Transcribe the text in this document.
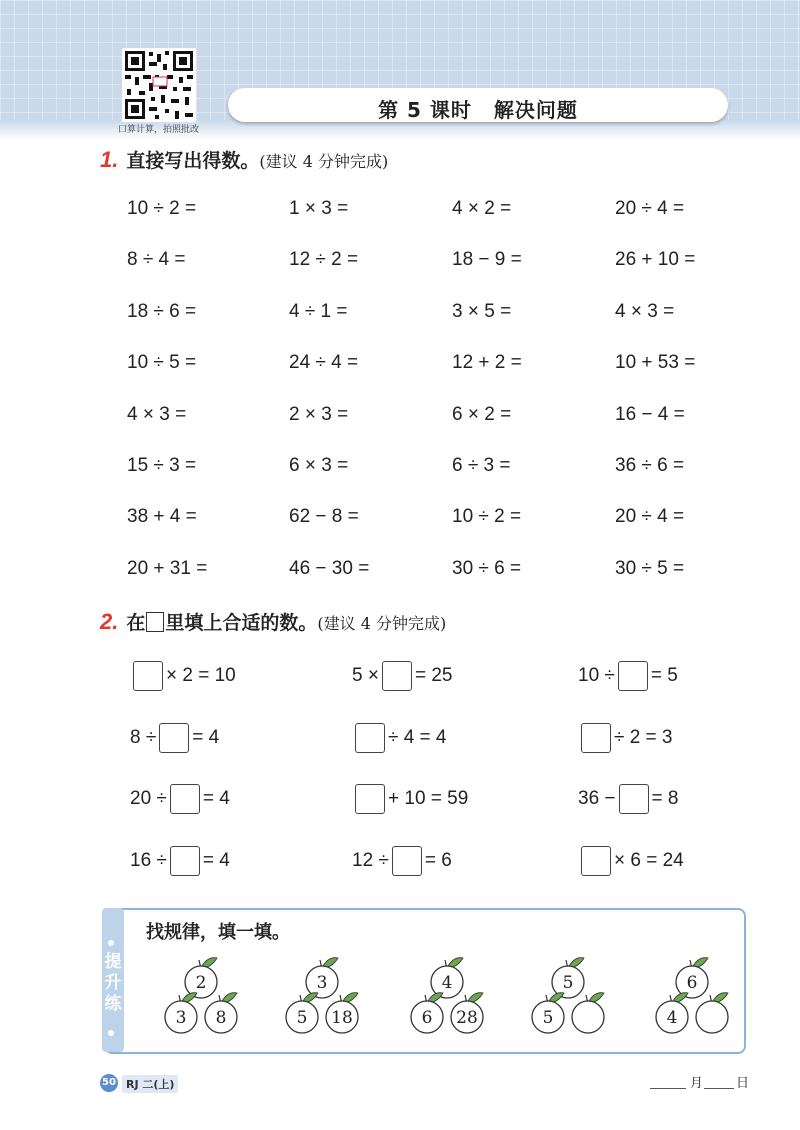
口算计算，拍照批改
第 5 课时 解决问题
1. 直接写出得数。(建议 4 分钟完成)
10 ÷ 2 =	1 × 3 =	4 × 2 =	20 ÷ 4 =
8 ÷ 4 =	12 ÷ 2 =	18 − 9 =	26 + 10 =
18 ÷ 6 =	4 ÷ 1 =	3 × 5 =	4 × 3 =
10 ÷ 5 =	24 ÷ 4 =	12 + 2 =	10 + 53 =
4 × 3 =	2 × 3 =	6 × 2 =	16 − 4 =
15 ÷ 3 =	6 × 3 =	6 ÷ 3 =	36 ÷ 6 =
38 + 4 =	62 − 8 =	10 ÷ 2 =	20 ÷ 4 =
20 + 31 =	46 − 30 =	30 ÷ 6 =	30 ÷ 5 =
2. 在 里填上合适的数。(建议 4 分钟完成)
× 2 = 10	5 × = 25	10 ÷ = 5
8 ÷ = 4	÷ 4 = 4	÷ 2 = 3
20 ÷ = 4	+ 10 = 59	36 − = 8
16 ÷ = 4	12 ÷ = 6	× 6 = 24
提
升
练
找规律，填一填。
2
3 8
3
5 18
4
6 28
5
5
6
4
50 RJ 二(上)	月	日
